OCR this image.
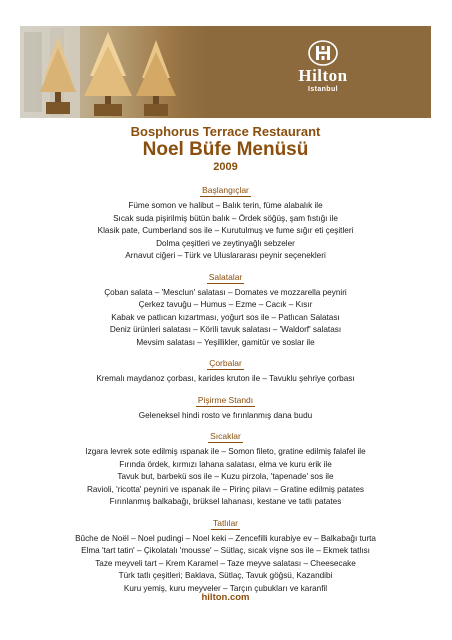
Hilton
Istanbul

Bosphorus Terrace Restaurant

Noel Büfe Menüsü

2009

Başlangıçlar
Füme somon ve halibut – Balık terin, füme alabalık ile
Sıcak suda pişirilmiş bütün balık – Ördek söğüş, şam fıstığı ile
Klasik pate, Cumberland sos ile – Kurutulmuş ve fume sığır eti çeşitleri
Dolma çeşitleri ve zeytinyağlı sebzeler
Arnavut ciğeri – Türk ve Uluslararası peynir seçenekleri
Salatalar
Çoban salata – 'Mesclun' salatası – Domates ve mozzarella peyniri
Çerkez tavuğu – Humus – Ezme – Cacık – Kısır
Kabak ve patlıcan kızartması, yoğurt sos ile – Patlıcan Salatası
Deniz ürünleri salatası – Körili tavuk salatası – 'Waldorf' salatası
Mevsim salatası – Yeşillikler, gamitür ve soslar ile
Çorbalar
Kremalı maydanoz çorbası, karides kruton ile – Tavuklu şehriye çorbası
Pişirme Standı
Geleneksel hindi rosto ve fırınlanmış dana budu
Sıcaklar
Izgara levrek sote edilmiş ıspanak ile – Somon fileto, gratine edilmiş falafel ile
Fırında ördek, kırmızı lahana salatası, elma ve kuru erik ile
Tavuk but, barbekü sos ile – Kuzu pirzola, 'tapenade' sos ile
Ravioli, 'ricotta' peyniri ve ıspanak ile – Pirinç pilavı – Gratine edilmiş patates
Fırınlanmış balkabağı, brüksel lahanası, kestane ve tatlı patates
Tatlılar
Bûche de Noël – Noel pudingi – Noel keki – Zencefilli kurabiye ev – Balkabağı turta
Elma 'tart tatin' – Çikolatalı 'mousse' – Sütlaç, sıcak vişne sos ile – Ekmek tatlısı
Taze meyveli tart – Krem Karamel – Taze meyve salatası – Cheesecake
Türk tatlı çeşitleri; Baklava, Sütlaç, Tavuk göğsü, Kazandibi
Kuru yemiş, kuru meyveler – Tarçın çubukları ve karanfil
hilton.com
